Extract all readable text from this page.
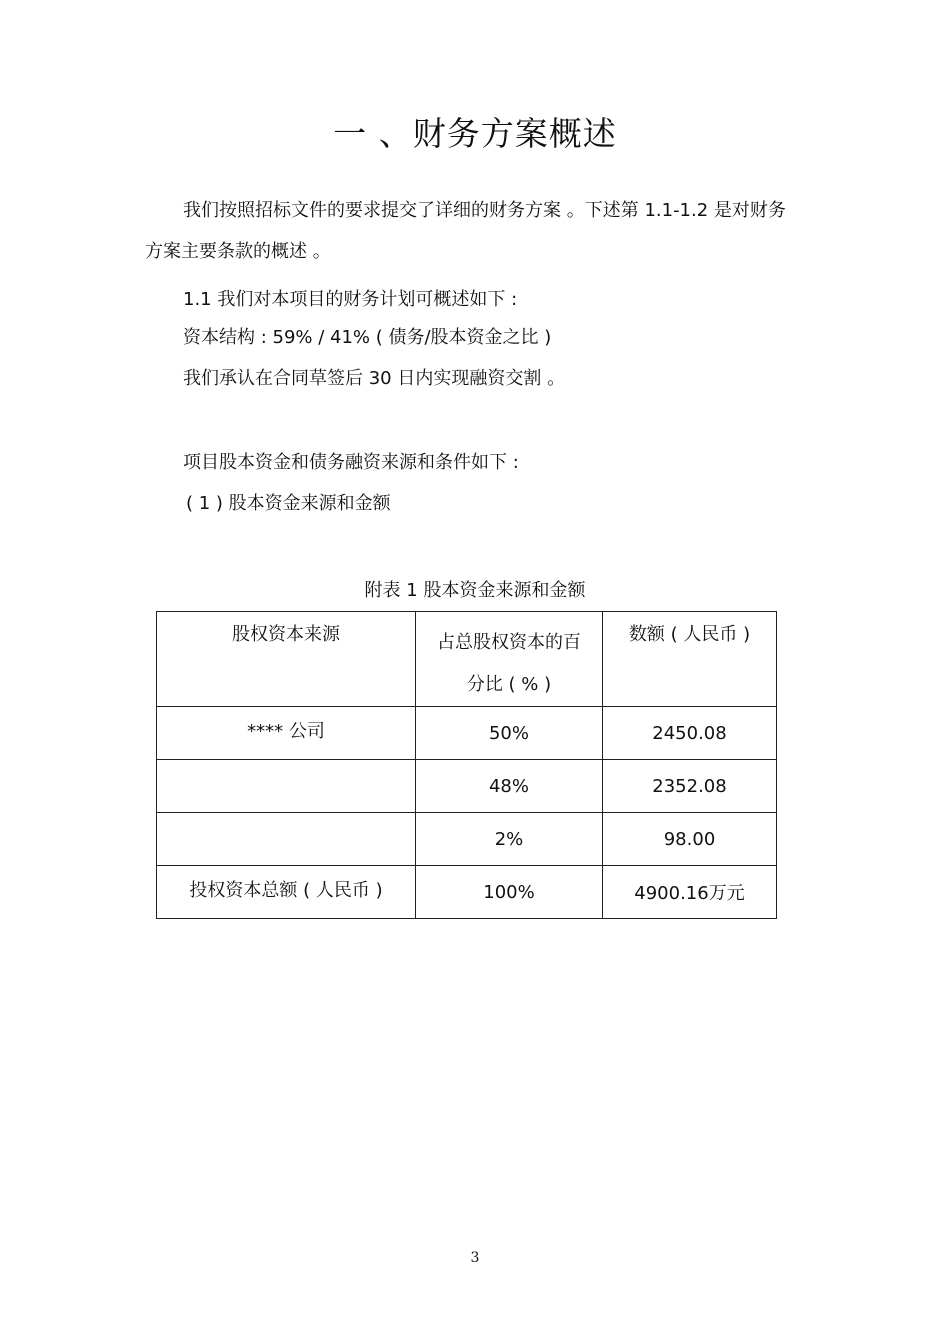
一 、财务方案概述

我们按照招标文件的要求提交了详细的财务方案 。下述第 1.1-1.2 是对财务

方案主要条款的概述 。

1.1 我们对本项目的财务计划可概述如下 :

资本结构 : 59% / 41% ( 债务/股本资金之比 )

我们承认在合同草签后 30 日内实现融资交割 。

项目股本资金和债务融资来源和条件如下 :

( 1 ) 股本资金来源和金额

附表 1 股本资金来源和金额

股权资本来源	占总股权资本的百分比 ( % )	数额 ( 人民币 )
**** 公司	50%	2450.08
	48%	2352.08
	2%	98.00
投权资本总额 ( 人民币 )	100%	4900.16万元

3
